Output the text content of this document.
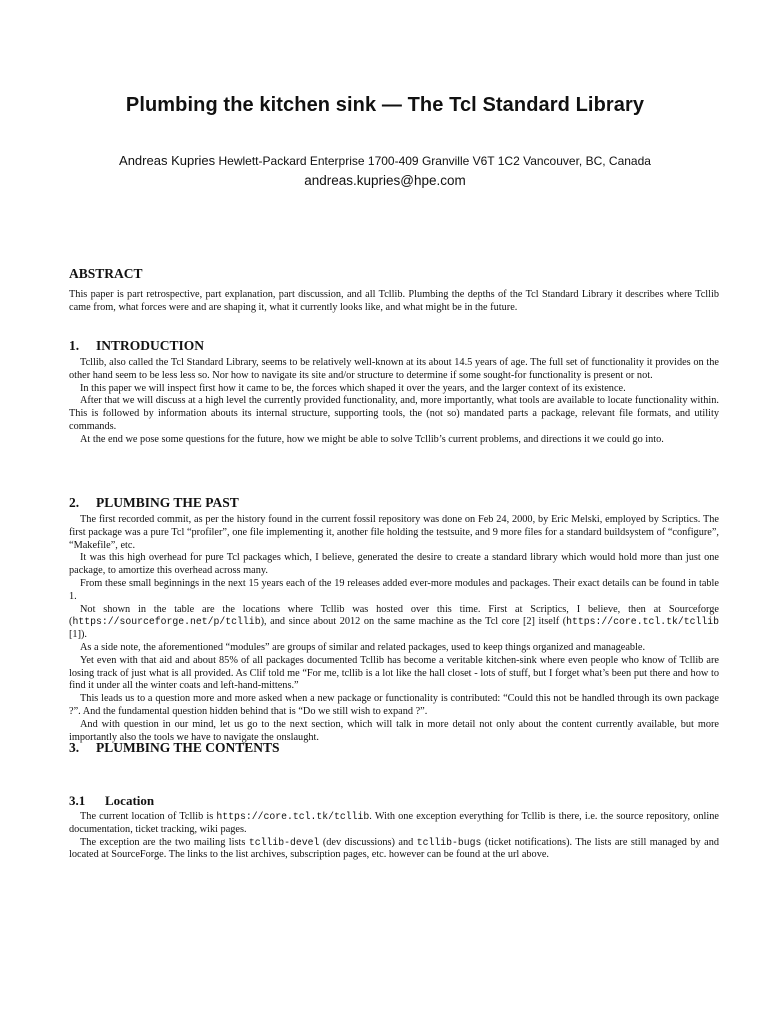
Plumbing the kitchen sink — The Tcl Standard Library
Andreas Kupries Hewlett-Packard Enterprise 1700-409 Granville V6T 1C2 Vancouver, BC, Canada
andreas.kupries@hpe.com
ABSTRACT

This paper is part retrospective, part explanation, part discussion, and all Tcllib. Plumbing the depths of the Tcl Standard Library it describes where Tcllib came from, what forces were and are shaping it, what it currently looks like, and what might be in the future.

1. INTRODUCTION

Tcllib, also called the Tcl Standard Library, seems to be relatively well-known at its about 14.5 years of age. The full set of functionality it provides on the other hand seem to be less less so. Nor how to navigate its site and/or structure to determine if some sought-for functionality is present or not.

In this paper we will inspect first how it came to be, the forces which shaped it over the years, and the larger context of its existence.

After that we will discuss at a high level the currently provided functionality, and, more importantly, what tools are available to locate functionality within. This is followed by information abouts its internal structure, supporting tools, the (not so) mandated parts a package, relevant file formats, and utility commands.

At the end we pose some questions for the future, how we might be able to solve Tcllib’s current problems, and directions it we could go into.

2. PLUMBING THE PAST

The first recorded commit, as per the history found in the current fossil repository was done on Feb 24, 2000, by Eric Melski, employed by Scriptics. The first package was a pure Tcl “profiler”, one file implementing it, another file holding the testsuite, and 9 more files for a standard buildsystem of “configure”, “Makefile”, etc.

It was this high overhead for pure Tcl packages which, I believe, generated the desire to create a standard library which would hold more than just one package, to amortize this overhead across many.

From these small beginnings in the next 15 years each of the 19 releases added ever-more modules and packages. Their exact details can be found in table 1.

Not shown in the table are the locations where Tcllib was hosted over this time. First at Scriptics, I believe, then at Sourceforge (https://sourceforge.net/p/tcllib), and since about 2012 on the same machine as the Tcl core [2] itself (https://core.tcl.tk/tcllib [1]).

As a side note, the aforementioned “modules” are groups of similar and related packages, used to keep things organized and manageable.

Yet even with that aid and about 85% of all packages documented Tcllib has become a veritable kitchen-sink where even people who know of Tcllib are losing track of just what is all provided. As Clif told me “For me, tcllib is a lot like the hall closet - lots of stuff, but I forget what’s been put there and how to find it under all the winter coats and left-hand-mittens.”

This leads us to a question more and more asked when a new package or functionality is contributed: “Could this not be handled through its own package ?”. And the fundamental question hidden behind that is “Do we still wish to expand ?”.

And with question in our mind, let us go to the next section, which will talk in more detail not only about the content currently available, but more importantly also the tools we have to navigate the onslaught.

3. PLUMBING THE CONTENTS
3.1 Location

The current location of Tcllib is https://core.tcl.tk/tcllib. With one exception everything for Tcllib is there, i.e. the source repository, online documentation, ticket tracking, wiki pages.

The exception are the two mailing lists tcllib-devel (dev discussions) and tcllib-bugs (ticket notifications). The lists are still managed by and located at SourceForge. The links to the list archives, subscription pages, etc. however can be found at the url above.
